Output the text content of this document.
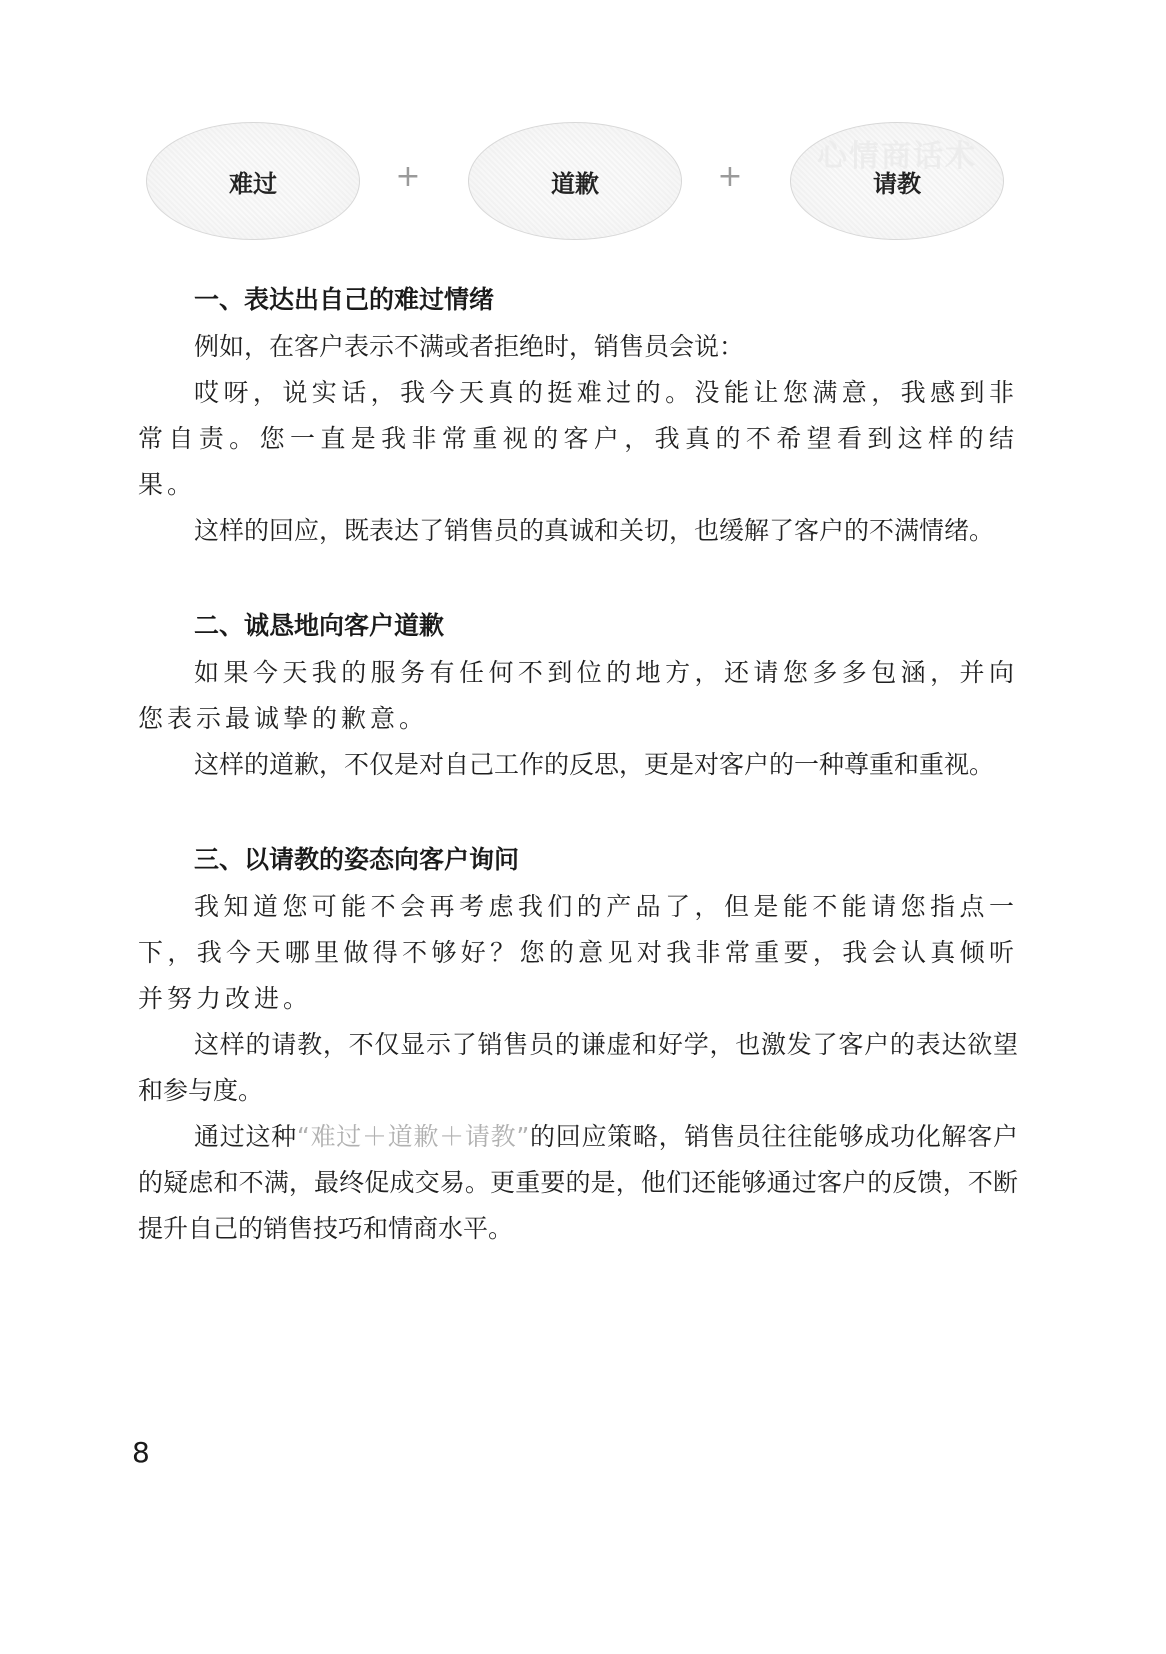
难过	+	道歉	+
心情商话术
请教
一、表达出自己的难过情绪

例如，在客户表示不满或者拒绝时，销售员会说：

哎呀，说实话，我今天真的挺难过的。没能让您满意，我感到非常自责。您一直是我非常重视的客户，我真的不希望看到这样的结果。

这样的回应，既表达了销售员的真诚和关切，也缓解了客户的不满情绪。

二、诚恳地向客户道歉

如果今天我的服务有任何不到位的地方，还请您多多包涵，并向您表示最诚挚的歉意。

这样的道歉，不仅是对自己工作的反思，更是对客户的一种尊重和重视。

三、以请教的姿态向客户询问

我知道您可能不会再考虑我们的产品了，但是能不能请您指点一下，我今天哪里做得不够好？您的意见对我非常重要，我会认真倾听并努力改进。

这样的请教，不仅显示了销售员的谦虚和好学，也激发了客户的表达欲望和参与度。

通过这种“难过＋道歉＋请教”的回应策略，销售员往往能够成功化解客户的疑虑和不满，最终促成交易。更重要的是，他们还能够通过客户的反馈，不断提升自己的销售技巧和情商水平。

8
